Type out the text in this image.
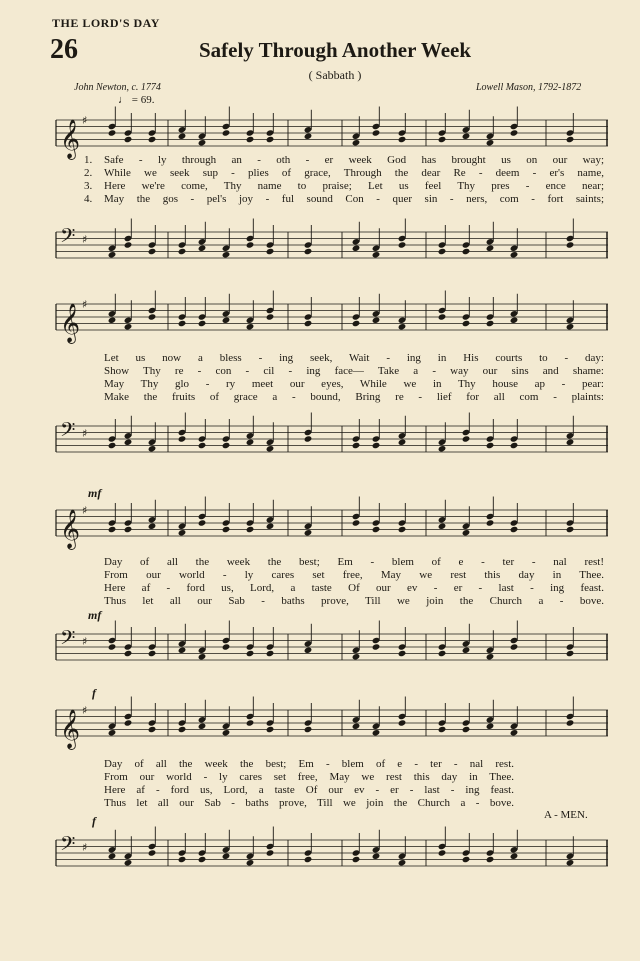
THE LORD'S DAY
26	Safely Through Another Week
( Sabbath )
John Newton, c. 1774	Lowell Mason, 1792-1872
♩ = 69.
𝄞 ♯
1.	Safe - ly through an - oth - er week God has brought us on our way;
2.	While we seek sup - plies of grace, Through the dear Re - deem - er's name,
3.	Here we're come, Thy name to praise; Let us feel Thy pres - ence near;
4.	May the gos - pel's joy - ful sound Con - quer sin - ners, com - fort saints;
𝄢 ♯
𝄞 ♯
Let us now a bless - ing seek, Wait - ing in His courts to - day:
Show Thy re - con - cil - ing face— Take a - way our sins and shame:
May Thy glo - ry meet our eyes, While we in Thy house ap - pear:
Make the fruits of grace a - bound, Bring re - lief for all com - plaints:
𝄢 ♯
mf
𝄞 ♯
Day of all the week the best; Em - blem of e - ter - nal rest!
From our world - ly cares set free, May we rest this day in Thee.
Here af - ford us, Lord, a taste Of our ev - er - last - ing feast.
Thus let all our Sab - baths prove, Till we join the Church a - bove.
mf
𝄢 ♯
f
𝄞 ♯
Day of all the week the best; Em - blem of e - ter - nal rest.
From our world - ly cares set free, May we rest this day in Thee.
Here af - ford us, Lord, a taste Of our ev - er - last - ing feast.
Thus let all our Sab - baths prove, Till we join the Church a - bove.
A - MEN.
f
𝄢 ♯
